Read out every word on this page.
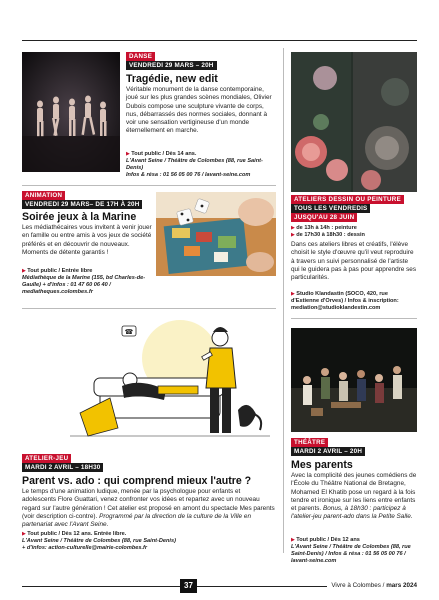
DANSE
VENDREDI 29 MARS – 20H
Tragédie, new edit
Véritable monument de la danse contemporaine, joué sur les plus grandes scènes mondiales, Olivier Dubois compose une sculpture vivante de corps, nus, débarrassés des normes sociales, donnant à voir une sensation vertigineuse d'un monde éternellement en marche.
▶ Tout public / Dès 14 ans.
L'Avant Seine / Théâtre de Colombes (88, rue Saint-Denis)
Infos & résa : 01 56 05 00 76 / lavant-seine.com
ANIMATION
VENDREDI 29 MARS– DE 17H À 20H
Soirée jeux à la Marine
Les médiathécaires vous invitent à venir jouer en famille ou entre amis à vos jeux de société préférés et en découvrir de nouveaux. Moments de détente garantis !
▶ Tout public / Entrée libre
Médiathèque de la Marine (155, bd Charles-de-Gaulle) + d'infos : 01 47 60 06 40 / mediatheques.colombes.fr
☎
ATELIER-JEU
MARDI 2 AVRIL – 18H30
Parent vs. ado : qui comprend mieux l'autre ?
Le temps d'une animation ludique, menée par la psychologue pour enfants et adolescents Flore Guattari, venez confronter vos idées et repartez avec un nouveau regard sur l'autre génération ! Cet atelier est proposé en amont du spectacle Mes parents (voir description ci-contre). Programmé par la direction de la culture de la Ville en partenariat avec l'Avant Seine.
▶ Tout public / Dès 12 ans. Entrée libre.
L'Avant Seine / Théâtre de Colombes (88, rue Saint-Denis)
+ d'infos: action-culturelle@mairie-colombes.fr
ATELIERS DESSIN OU PEINTURE
TOUS LES VENDREDIS
JUSQU'AU 28 JUIN
▶ de 13h à 14h : peinture
▶ de 17h30 à 18h30 : dessin
Dans ces ateliers libres et créatifs, l'élève choisit le style d'œuvre qu'il veut reproduire à travers un suivi personnalisé de l'artiste qui le guidera pas à pas pour apprendre ses particularités.
▶ Studio Klandastin (SOCO, 420, rue d'Estienne d'Orves) / Infos & inscription:
mediation@studioklandestin.com
THÉÂTRE
MARDI 2 AVRIL – 20H
Mes parents
Avec la complicité des jeunes comédiens de l'École du Théâtre National de Bretagne, Mohamed El Khatib pose un regard à la fois tendre et ironique sur les liens entre enfants et parents. Bonus, à 18h30 : participez à l'atelier-jeu parent-ado dans la Petite Salle.
▶ Tout public / Dès 12 ans
L'Avant Seine / Théâtre de Colombes (88, rue Saint-Denis) / Infos & résa : 01 56 05 00 76 / lavant-seine.com
37	Vivre à Colombes / mars 2024
